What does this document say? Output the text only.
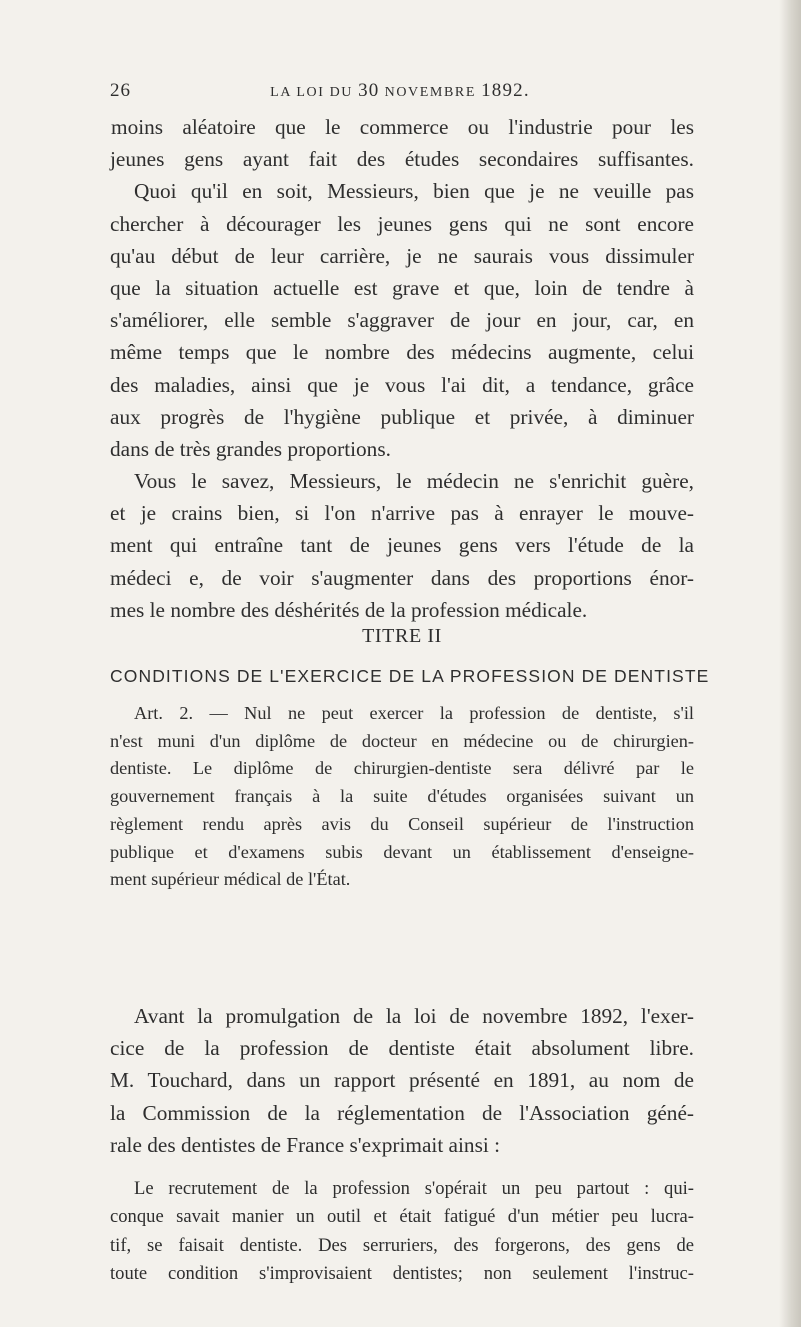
26	LA LOI DU 30 NOVEMBRE 1892.
moins aléatoire que le commerce ou l'industrie pour les
jeunes gens ayant fait des études secondaires suffisantes.
Quoi qu'il en soit, Messieurs, bien que je ne veuille pas
chercher à décourager les jeunes gens qui ne sont encore
qu'au début de leur carrière, je ne saurais vous dissimuler
que la situation actuelle est grave et que, loin de tendre à
s'améliorer, elle semble s'aggraver de jour en jour, car, en
même temps que le nombre des médecins augmente, celui
des maladies, ainsi que je vous l'ai dit, a tendance, grâce
aux progrès de l'hygiène publique et privée, à diminuer
dans de très grandes proportions.
Vous le savez, Messieurs, le médecin ne s'enrichit guère,
et je crains bien, si l'on n'arrive pas à enrayer le mouve-
ment qui entraîne tant de jeunes gens vers l'étude de la
médeci e, de voir s'augmenter dans des proportions énor-
mes le nombre des déshérités de la profession médicale.
TITRE II
CONDITIONS DE L'EXERCICE DE LA PROFESSION DE DENTISTE
Art. 2. — Nul ne peut exercer la profession de dentiste, s'il
n'est muni d'un diplôme de docteur en médecine ou de chirurgien-
dentiste. Le diplôme de chirurgien-dentiste sera délivré par le
gouvernement français à la suite d'études organisées suivant un
règlement rendu après avis du Conseil supérieur de l'instruction
publique et d'examens subis devant un établissement d'enseigne-
ment supérieur médical de l'État.
Avant la promulgation de la loi de novembre 1892, l'exer-
cice de la profession de dentiste était absolument libre.
M. Touchard, dans un rapport présenté en 1891, au nom de
la Commission de la réglementation de l'Association géné-
rale des dentistes de France s'exprimait ainsi :
Le recrutement de la profession s'opérait un peu partout : qui-
conque savait manier un outil et était fatigué d'un métier peu lucra-
tif, se faisait dentiste. Des serruriers, des forgerons, des gens de
toute condition s'improvisaient dentistes; non seulement l'instruc-
